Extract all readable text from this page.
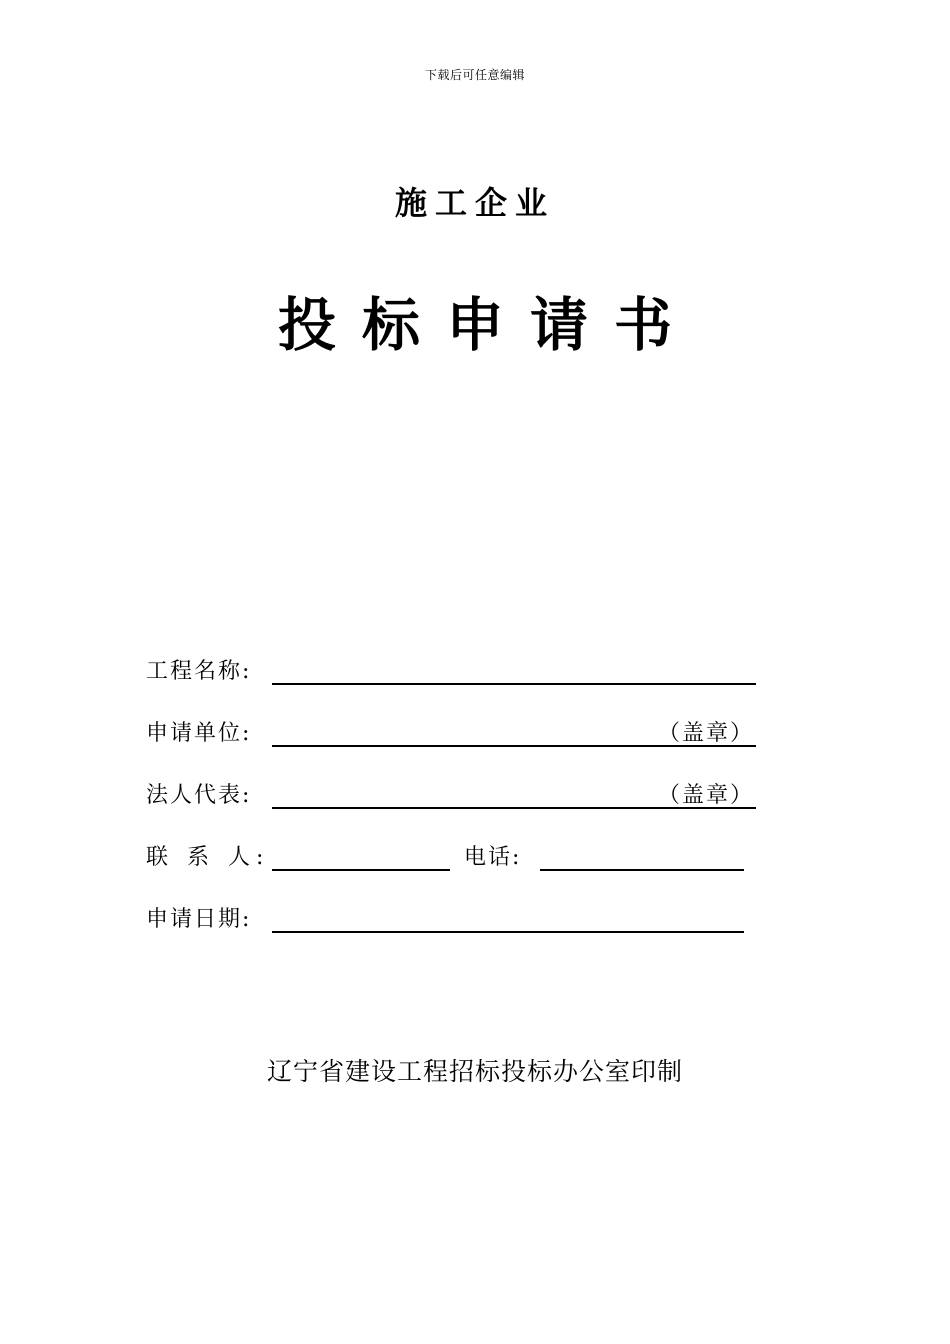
下载后可任意编辑
施工企业
投标申请书
工程名称:
申请单位:	（盖章）
法人代表:	（盖章）
联 系 人:	电话:
申请日期:
辽宁省建设工程招标投标办公室印制
